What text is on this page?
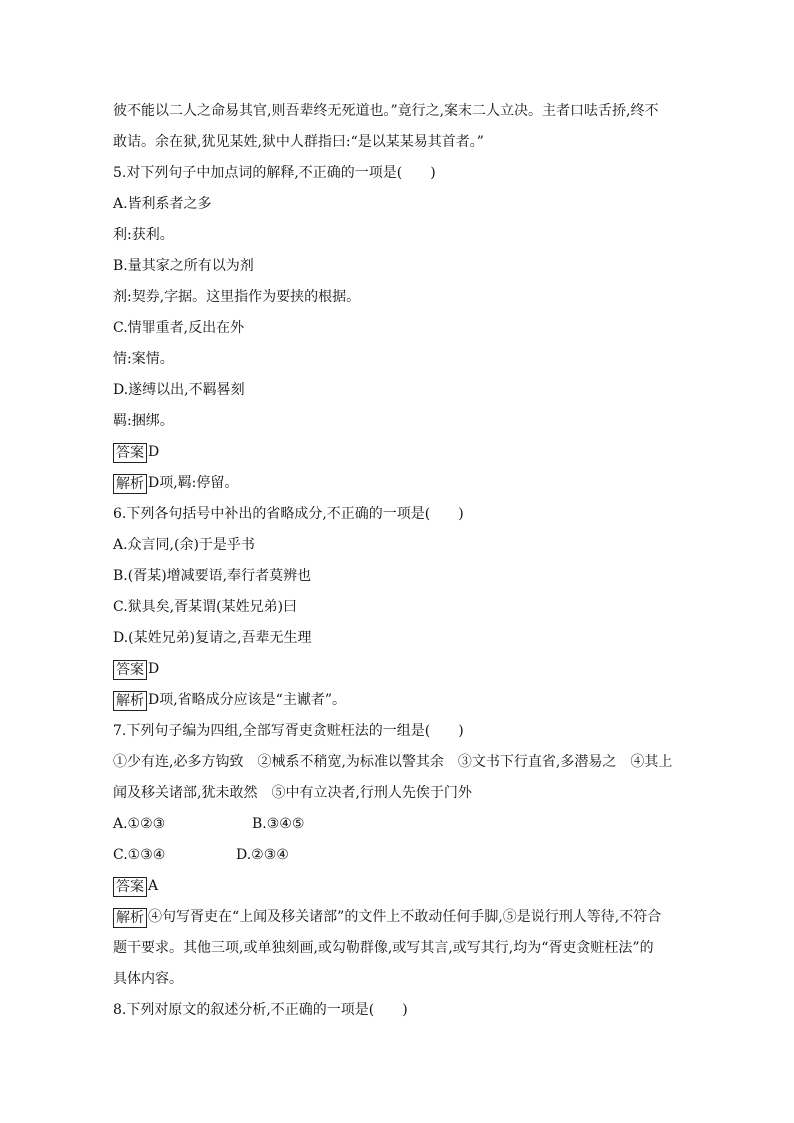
彼不能以二人之命易其官,则吾辈终无死道也。”竟行之,案末二人立决。主者口呿舌挢,终不
敢诘。余在狱,犹见某姓,狱中人群指曰:“是以某某易其首者。”
5.对下列句子中加点词的解释,不正确的一项是(　　)
A.皆利系者之多
利:获利。
B.量其家之所有以为剂
剂:契券,字据。这里指作为要挟的根据。
C.情罪重者,反出在外
情:案情。
D.遂缚以出,不羁晷刻
羁:捆绑。
答案 D
解析 D项,羁:停留。
6.下列各句括号中补出的省略成分,不正确的一项是(　　)
A.众言同,(余)于是乎书
B.(胥某)增减要语,奉行者莫辨也
C.狱具矣,胥某谓(某姓兄弟)曰
D.(某姓兄弟)复请之,吾辈无生理
答案 D
解析 D项,省略成分应该是“主谳者”。
7.下列句子编为四组,全部写胥吏贪赃枉法的一组是(　　)
①少有连,必多方钩致　②械系不稍宽,为标准以警其余　③文书下行直省,多潜易之　④其上
闻及移关诸部,犹未敢然　⑤中有立决者,行刑人先俟于门外
A.①②③	B.③④⑤
C.①③④	D.②③④
答案 A
解析 ④句写胥吏在“上闻及移关诸部”的文件上不敢动任何手脚,⑤是说行刑人等待,不符合
题干要求。其他三项,或单独刻画,或勾勒群像,或写其言,或写其行,均为“胥吏贪赃枉法”的
具体内容。
8.下列对原文的叙述分析,不正确的一项是(　　)
